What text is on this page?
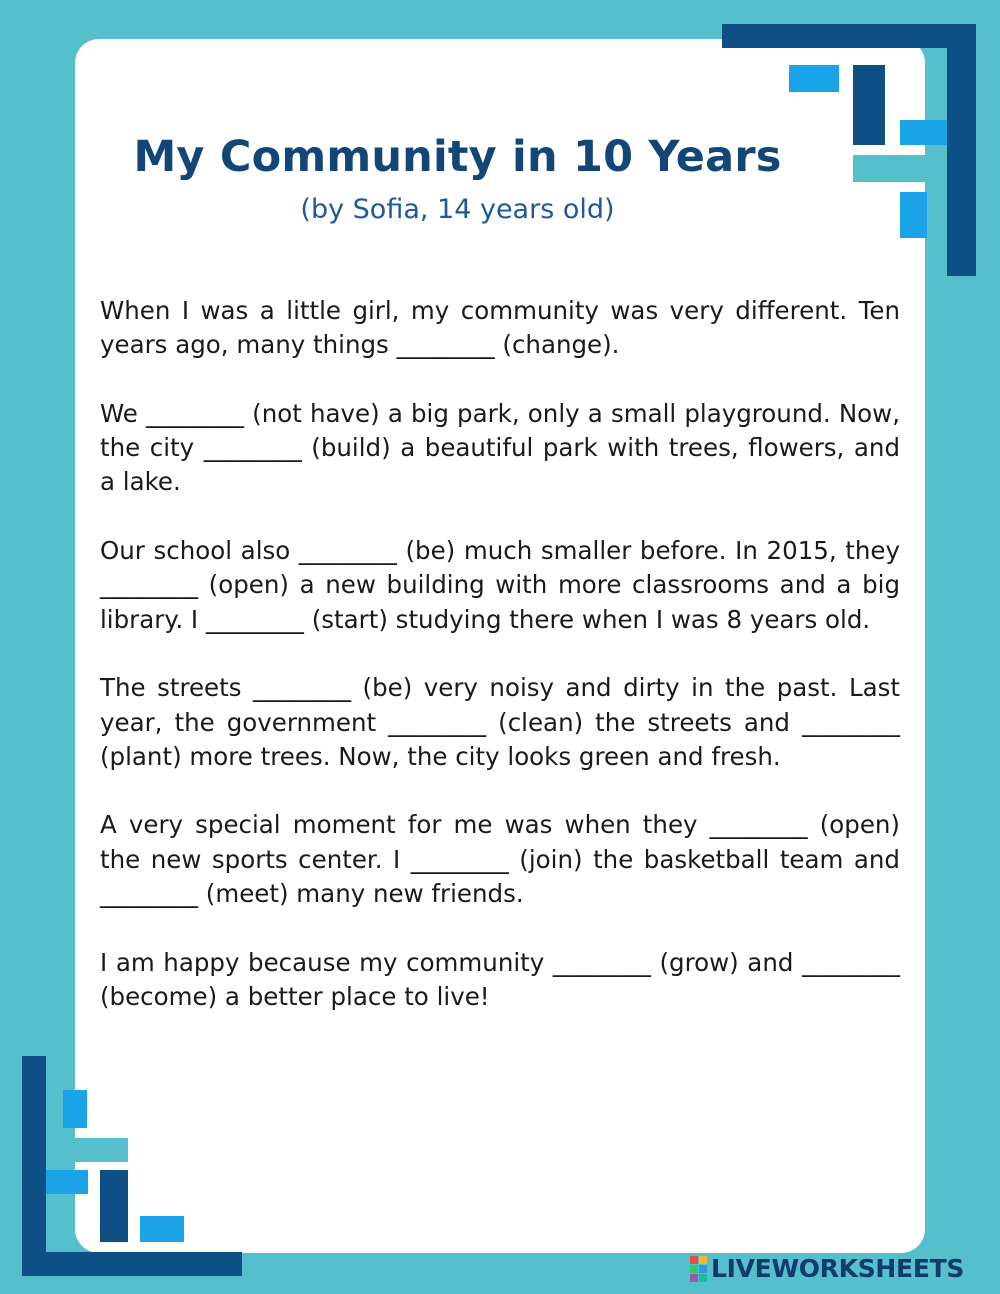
My Community in 10 Years
(by Sofia, 14 years old)

When I was a little girl, my community was very different. Ten years ago, many things ________ (change).

We ________ (not have) a big park, only a small playground. Now, the city ________ (build) a beautiful park with trees, flowers, and a lake.

Our school also ________ (be) much smaller before. In 2015, they ________ (open) a new building with more classrooms and a big library. I ________ (start) studying there when I was 8 years old.

The streets ________ (be) very noisy and dirty in the past. Last year, the government ________ (clean) the streets and ________ (plant) more trees. Now, the city looks green and fresh.

A very special moment for me was when they ________ (open) the new sports center. I ________ (join) the basketball team and ________ (meet) many new friends.

I am happy because my community ________ (grow) and ________ (become) a better place to live!

LIVEWORKSHEETS
